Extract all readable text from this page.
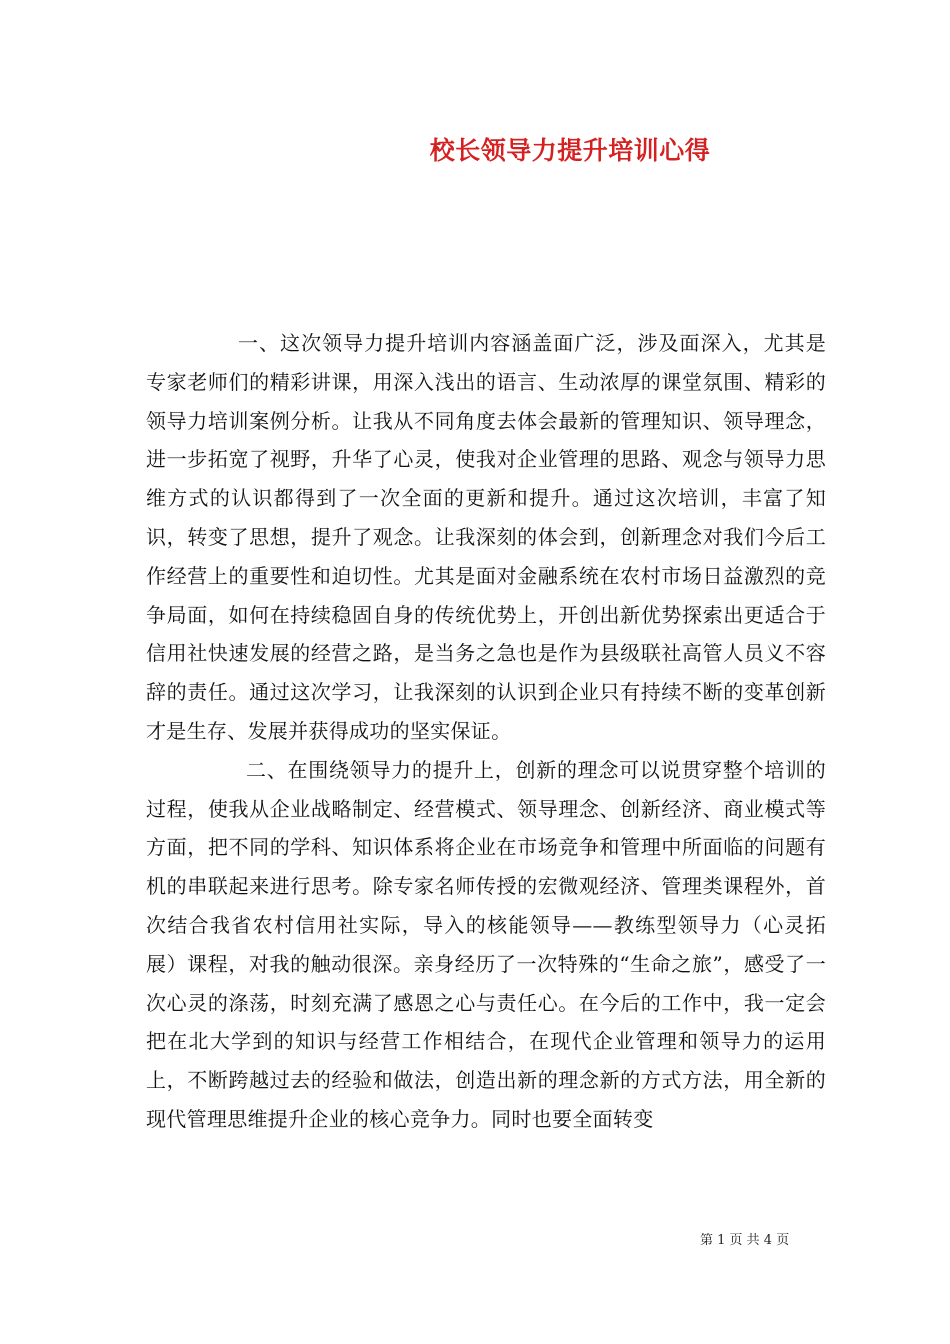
校长领导力提升培训心得

一、这次领导力提升培训内容涵盖面广泛，涉及面深入，尤其是专家老师们的精彩讲课，用深入浅出的语言、生动浓厚的课堂氛围、精彩的领导力培训案例分析。让我从不同角度去体会最新的管理知识、领导理念，进一步拓宽了视野，升华了心灵，使我对企业管理的思路、观念与领导力思维方式的认识都得到了一次全面的更新和提升。通过这次培训，丰富了知识，转变了思想，提升了观念。让我深刻的体会到，创新理念对我们今后工作经营上的重要性和迫切性。尤其是面对金融系统在农村市场日益激烈的竞争局面，如何在持续稳固自身的传统优势上，开创出新优势探索出更适合于信用社快速发展的经营之路，是当务之急也是作为县级联社高管人员义不容辞的责任。通过这次学习，让我深刻的认识到企业只有持续不断的变革创新才是生存、发展并获得成功的坚实保证。

二、在围绕领导力的提升上，创新的理念可以说贯穿整个培训的过程，使我从企业战略制定、经营模式、领导理念、创新经济、商业模式等方面，把不同的学科、知识体系将企业在市场竞争和管理中所面临的问题有机的串联起来进行思考。除专家名师传授的宏微观经济、管理类课程外，首次结合我省农村信用社实际，导入的核能领导——教练型领导力（心灵拓展）课程，对我的触动很深。亲身经历了一次特殊的“生命之旅”，感受了一次心灵的涤荡，时刻充满了感恩之心与责任心。在今后的工作中，我一定会把在北大学到的知识与经营工作相结合，在现代企业管理和领导力的运用上，不断跨越过去的经验和做法，创造出新的理念新的方式方法，用全新的现代管理思维提升企业的核心竞争力。同时也要全面转变

第 1 页 共 4 页
